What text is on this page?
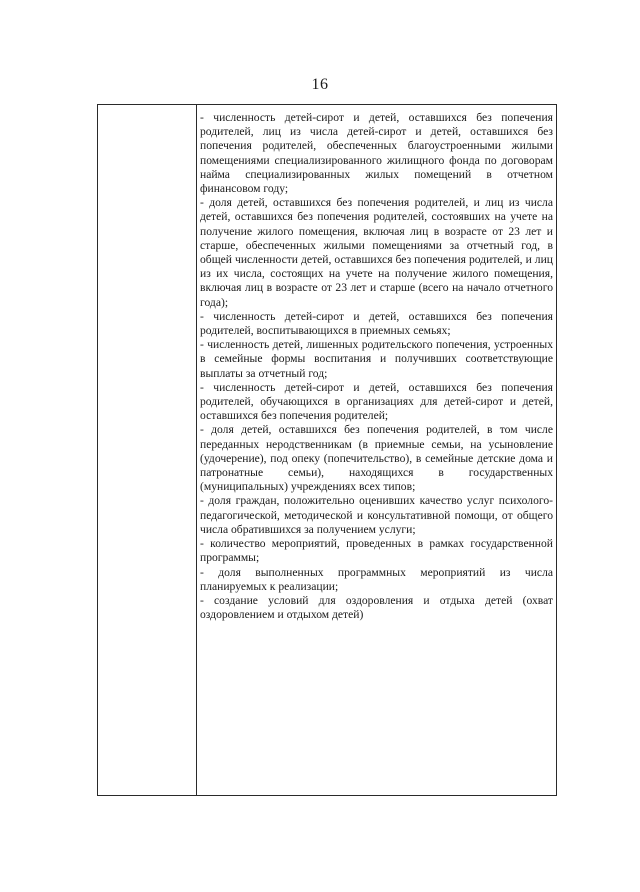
16

- численность детей-сирот и детей, оставшихся без попечения родителей, лиц из числа детей-сирот и детей, оставшихся без попечения родителей, обеспеченных благоустроенными жилыми помещениями специализированного жилищного фонда по договорам найма специализированных жилых помещений в отчетном финансовом году;

- доля детей, оставшихся без попечения родителей, и лиц из числа детей, оставшихся без попечения родителей, состоявших на учете на получение жилого помещения, включая лиц в возрасте от 23 лет и старше, обеспеченных жилыми помещениями за отчетный год, в общей численности детей, оставшихся без попечения родителей, и лиц из их числа, состоящих на учете на получение жилого помещения, включая лиц в возрасте от 23 лет и старше (всего на начало отчетного года);

- численность детей-сирот и детей, оставшихся без попечения родителей, воспитывающихся в приемных семьях;

- численность детей, лишенных родительского попечения, устроенных в семейные формы воспитания и получивших соответствующие выплаты за отчетный год;

- численность детей-сирот и детей, оставшихся без попечения родителей, обучающихся в организациях для детей-сирот и детей, оставшихся без попечения родителей;

- доля детей, оставшихся без попечения родителей, в том числе переданных неродственникам (в приемные семьи, на усыновление (удочерение), под опеку (попечительство), в семейные детские дома и патронатные семьи), находящихся в государственных (муниципальных) учреждениях всех типов;

- доля граждан, положительно оценивших качество услуг психолого-педагогической, методической и консультативной помощи, от общего числа обратившихся за получением услуги;

- количество мероприятий, проведенных в рамках государственной программы;

- доля выполненных программных мероприятий из числа планируемых к реализации;

- создание условий для оздоровления и отдыха детей (охват оздоровлением и отдыхом детей)
